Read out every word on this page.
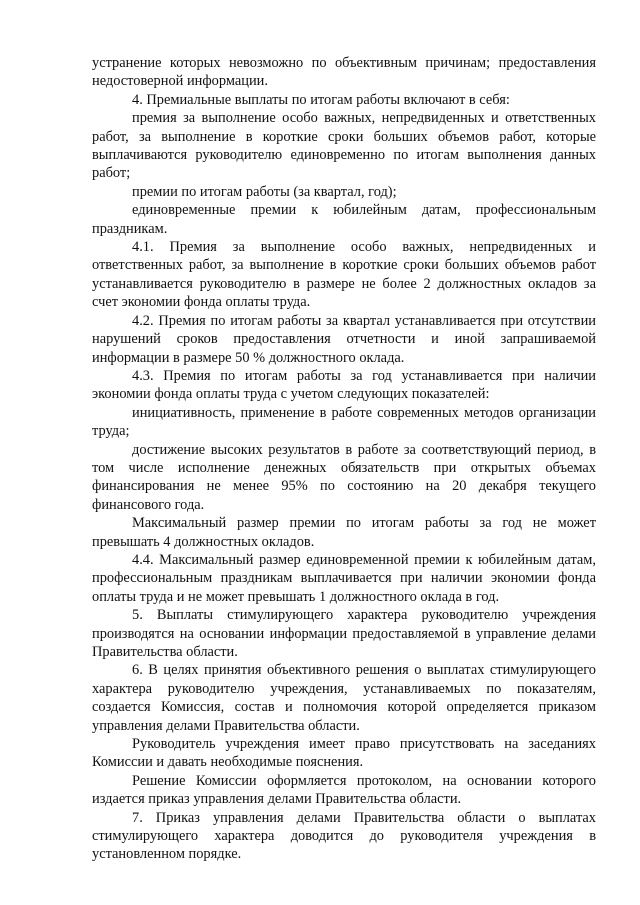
устранение которых невозможно по объективным причинам; предоставления недостоверной информации.

4. Премиальные выплаты по итогам работы включают в себя:

премия за выполнение особо важных, непредвиденных и ответственных работ, за выполнение в короткие сроки больших объемов работ, которые выплачиваются руководителю единовременно по итогам выполнения данных работ;

премии по итогам работы (за квартал, год);

единовременные премии к юбилейным датам, профессиональным праздникам.

4.1. Премия за выполнение особо важных, непредвиденных и ответственных работ, за выполнение в короткие сроки больших объемов работ устанавливается руководителю в размере не более 2 должностных окладов за счет экономии фонда оплаты труда.

4.2. Премия по итогам работы за квартал устанавливается при отсутствии нарушений сроков предоставления отчетности и иной запрашиваемой информации в размере 50 % должностного оклада.

4.3. Премия по итогам работы за год устанавливается при наличии экономии фонда оплаты труда с учетом следующих показателей:

инициативность, применение в работе современных методов организации труда;

достижение высоких результатов в работе за соответствующий период, в том числе исполнение денежных обязательств при открытых объемах финансирования не менее 95% по состоянию на 20 декабря текущего финансового года.

Максимальный размер премии по итогам работы за год не может превышать 4 должностных окладов.

4.4. Максимальный размер единовременной премии к юбилейным датам, профессиональным праздникам выплачивается при наличии экономии фонда оплаты труда и не может превышать 1 должностного оклада в год.

5. Выплаты стимулирующего характера руководителю учреждения производятся на основании информации предоставляемой в управление делами Правительства области.

6. В целях принятия объективного решения о выплатах стимулирующего характера руководителю учреждения, устанавливаемых по показателям, создается Комиссия, состав и полномочия которой определяется приказом управления делами Правительства области.

Руководитель учреждения имеет право присутствовать на заседаниях Комиссии и давать необходимые пояснения.

Решение Комиссии оформляется протоколом, на основании которого издается приказ управления делами Правительства области.

7. Приказ управления делами Правительства области о выплатах стимулирующего характера доводится до руководителя учреждения в установленном порядке.
